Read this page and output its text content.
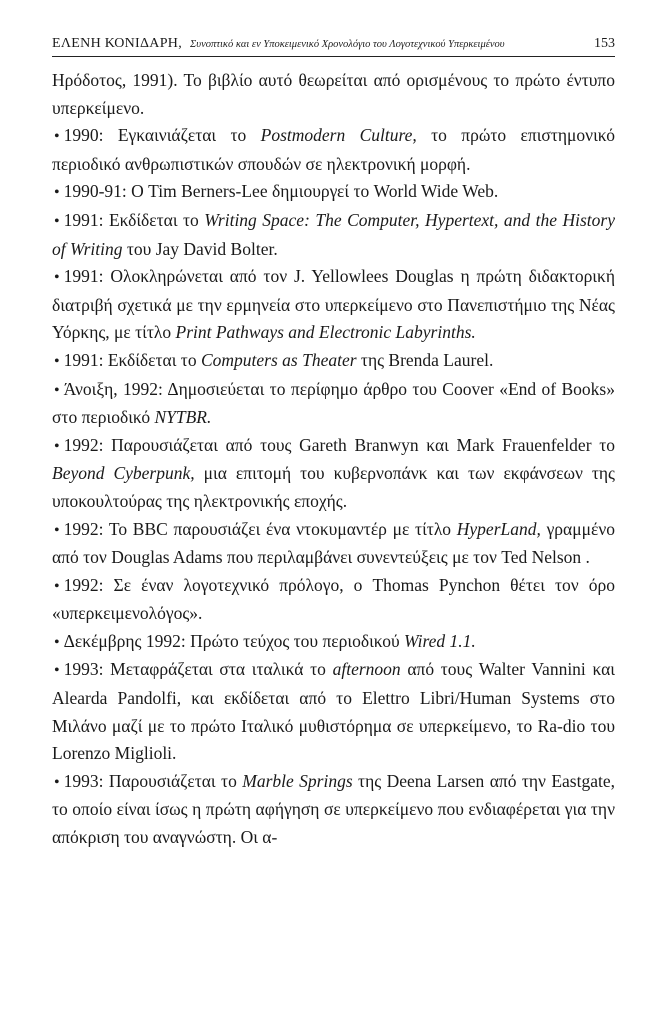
ΕΛΕΝΗ ΚΟΝΙΔΑΡΗ, Συνοπτικό και εν Υποκειμενικό Χρονολόγιο του Λογοτεχνικού Υπερκειμένου	153

Ηρόδοτος, 1991). Το βιβλίο αυτό θεωρείται από ορισμένους το πρώτο έντυπο υπερκείμενο.

• 1990: Εγκαινιάζεται το Postmodern Culture, το πρώτο επιστημονικό περιοδικό ανθρωπιστικών σπουδών σε ηλεκτρονική μορφή.

• 1990-91: Ο Tim Berners-Lee δημιουργεί το World Wide Web.

• 1991: Εκδίδεται το Writing Space: The Computer, Hypertext, and the History of Writing του Jay David Bolter.

• 1991: Ολοκληρώνεται από τον J. Yellowlees Douglas η πρώτη διδακτορική διατριβή σχετικά με την ερμηνεία στο υπερκείμενο στο Πανεπιστήμιο της Νέας Υόρκης, με τίτλο Print Pathways and Electronic Labyrinths.

• 1991: Εκδίδεται το Computers as Theater της Brenda Laurel.

• Άνοιξη, 1992: Δημοσιεύεται το περίφημο άρθρο του Coover «End of Books» στο περιοδικό NYTBR.

• 1992: Παρουσιάζεται από τους Gareth Branwyn και Mark Frauenfelder το Beyond Cyberpunk, μια επιτομή του κυβερνοπάνκ και των εκφάνσεων της υποκουλτούρας της ηλεκτρονικής εποχής.

• 1992: Το BBC παρουσιάζει ένα ντοκυμαντέρ με τίτλο HyperLand, γραμμένο από τον Douglas Adams που περιλαμβάνει συνεντεύξεις με τον Ted Nelson .

• 1992: Σε έναν λογοτεχνικό πρόλογο, ο Thomas Pynchon θέτει τον όρο «υπερκειμενολόγος».

• Δεκέμβρης 1992: Πρώτο τεύχος του περιοδικού Wired 1.1.

• 1993: Μεταφράζεται στα ιταλικά το afternoon από τους Walter Vannini και Alearda Pandolfi, και εκδίδεται από το Elettro Libri/Human Systems στο Μιλάνο μαζί με το πρώτο Ιταλικό μυθιστόρημα σε υπερκείμενο, το Ra-dio του Lorenzo Miglioli.

• 1993: Παρουσιάζεται το Marble Springs της Deena Larsen από την Eastgate, το οποίο είναι ίσως η πρώτη αφήγηση σε υπερκείμενο που ενδιαφέρεται για την απόκριση του αναγνώστη. Οι α-
